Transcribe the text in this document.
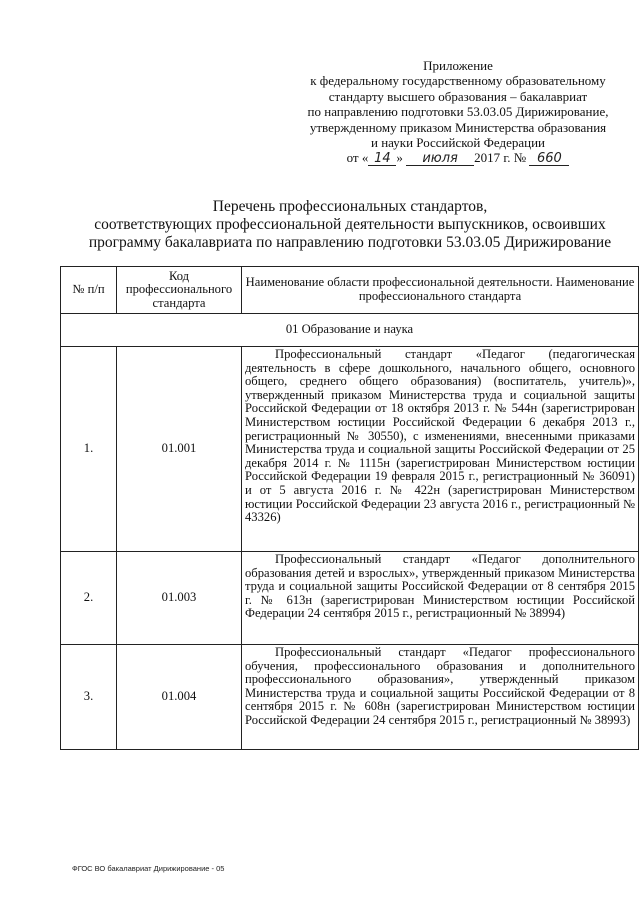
Приложение
к федеральному государственному образовательному
стандарту высшего образования – бакалавриат
по направлению подготовки 53.03.05 Дирижирование,
утвержденному приказом Министерства образования
и науки Российской Федерации
от « 14 » июля 2017 г. № 660
Перечень профессиональных стандартов,
соответствующих профессиональной деятельности выпускников, освоивших
программу бакалавриата по направлению подготовки 53.03.05 Дирижирование
№ п/п	Код профессионального стандарта	Наименование области профессиональной деятельности. Наименование профессионального стандарта
01 Образование и наука		
1.	01.001	Профессиональный стандарт «Педагог (педагогическая деятельность в сфере дошкольного, начального общего, основного общего, среднего общего образования) (воспитатель, учитель)», утвержденный приказом Министерства труда и социальной защиты Российской Федерации от 18 октября 2013 г. № 544н (зарегистрирован Министерством юстиции Российской Федерации 6 декабря 2013 г., регистрационный № 30550), с изменениями, внесенными приказами Министерства труда и социальной защиты Российской Федерации от 25 декабря 2014 г. № 1115н (зарегистрирован Министерством юстиции Российской Федерации 19 февраля 2015 г., регистрационный № 36091) и от 5 августа 2016 г. № 422н (зарегистрирован Министерством юстиции Российской Федерации 23 августа 2016 г., регистрационный № 43326)

2.	01.003	Профессиональный стандарт «Педагог дополнительного образования детей и взрослых», утвержденный приказом Министерства труда и социальной защиты Российской Федерации от 8 сентября 2015 г. № 613н (зарегистрирован Министерством юстиции Российской Федерации 24 сентября 2015 г., регистрационный № 38994)

3.	01.004	Профессиональный стандарт «Педагог профессионального обучения, профессионального образования и дополнительного профессионального образования», утвержденный приказом Министерства труда и социальной защиты Российской Федерации от 8 сентября 2015 г. № 608н (зарегистрирован Министерством юстиции Российской Федерации 24 сентября 2015 г., регистрационный № 38993)
ФГОС ВО бакалавриат Дирижирование - 05
